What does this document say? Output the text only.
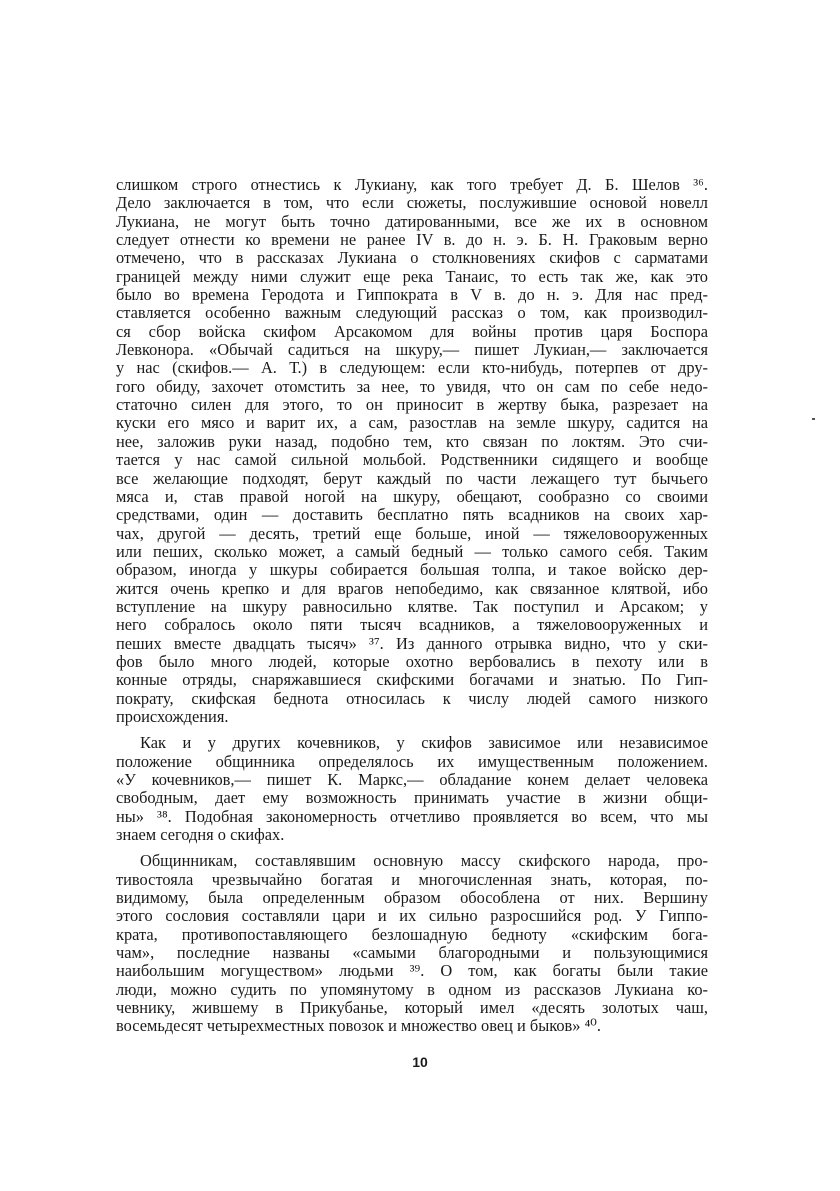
слишком строго отнестись к Лукиану, как того требует Д. Б. Шелов ³⁶.
Дело заключается в том, что если сюжеты, послужившие основой новелл
Лукиана, не могут быть точно датированными, все же их в основном
следует отнести ко времени не ранее IV в. до н. э. Б. Н. Граковым верно
отмечено, что в рассказах Лукиана о столкновениях скифов с сарматами
границей между ними служит еще река Танаис, то есть так же, как это
было во времена Геродота и Гиппократа в V в. до н. э. Для нас пред-
ставляется особенно важным следующий рассказ о том, как производил-
ся сбор войска скифом Арсакомом для войны против царя Боспора
Левконора. «Обычай садиться на шкуру,— пишет Лукиан,— заключается
у нас (скифов.— А. Т.) в следующем: если кто-нибудь, потерпев от дру-
гого обиду, захочет отомстить за нее, то увидя, что он сам по себе недо-
статочно силен для этого, то он приносит в жертву быка, разрезает на
куски его мясо и варит их, а сам, разостлав на земле шкуру, садится на
нее, заложив руки назад, подобно тем, кто связан по локтям. Это счи-
тается у нас самой сильной мольбой. Родственники сидящего и вообще
все желающие подходят, берут каждый по части лежащего тут бычьего
мяса и, став правой ногой на шкуру, обещают, сообразно со своими
средствами, один — доставить бесплатно пять всадников на своих хар-
чах, другой — десять, третий еще больше, иной — тяжеловооруженных
или пеших, сколько может, а самый бедный — только самого себя. Таким
образом, иногда у шкуры собирается большая толпа, и такое войско дер-
жится очень крепко и для врагов непобедимо, как связанное клятвой, ибо
вступление на шкуру равносильно клятве. Так поступил и Арсаком; у
него собралось около пяти тысяч всадников, а тяжеловооруженных и
пеших вместе двадцать тысяч» ³⁷. Из данного отрывка видно, что у ски-
фов было много людей, которые охотно вербовались в пехоту или в
конные отряды, снаряжавшиеся скифскими богачами и знатью. По Гип-
пократу, скифская беднота относилась к числу людей самого низкого
происхождения.
Как и у других кочевников, у скифов зависимое или независимое
положение общинника определялось их имущественным положением.
«У кочевников,— пишет К. Маркс,— обладание конем делает человека
свободным, дает ему возможность принимать участие в жизни общи-
ны» ³⁸. Подобная закономерность отчетливо проявляется во всем, что мы
знаем сегодня о скифах.
Общинникам, составлявшим основную массу скифского народа, про-
тивостояла чрезвычайно богатая и многочисленная знать, которая, по-
видимому, была определенным образом обособлена от них. Вершину
этого сословия составляли цари и их сильно разросшийся род. У Гиппо-
крата, противопоставляющего безлошадную бедноту «скифским бога-
чам», последние названы «самыми благородными и пользующимися
наибольшим могуществом» людьми ³⁹. О том, как богаты были такие
люди, можно судить по упомянутому в одном из рассказов Лукиана ко-
чевнику, жившему в Прикубанье, который имел «десять золотых чаш,
восемьдесят четырехместных повозок и множество овец и быков» ⁴⁰.
10
